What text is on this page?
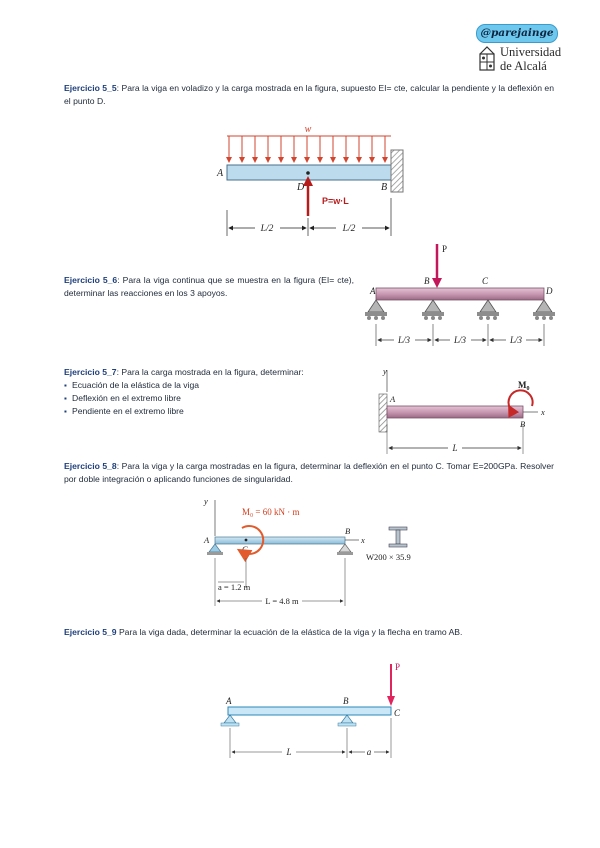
@parejainge
Universidad
de Alcalá
Ejercicio 5_5: Para la viga en voladizo y la carga mostrada en la figura, supuesto EI= cte, calcular la pendiente y la deflexión en el punto D.
w
A
D	B
P=w·L
L/2	L/2
Ejercicio 5_6: Para la viga continua que se muestra en la figura (EI= cte), determinar las reacciones en los 3 apoyos.
P
B	C
A	D
L/3	L/3	L/3
Ejercicio 5_7: Para la carga mostrada en la figura, determinar:
▪ Ecuación de la elástica de la viga
▪ Deflexión en el extremo libre
▪ Pendiente en el extremo libre
y
A
B
x
$M_0$
L
Ejercicio 5_8: Para la viga y la carga mostradas en la figura, determinar la deflexión en el punto C. Tomar E=200GPa. Resolver por doble integración o aplicando funciones de singularidad.
y
B
x
A
C
M₀ = 60 kN · m
W200 × 35.9
a = 1.2 m
L = 4.8 m
Ejercicio 5_9 Para la viga dada, determinar la ecuación de la elástica de la viga y la flecha en tramo AB.
P
A	B
C
L	a
